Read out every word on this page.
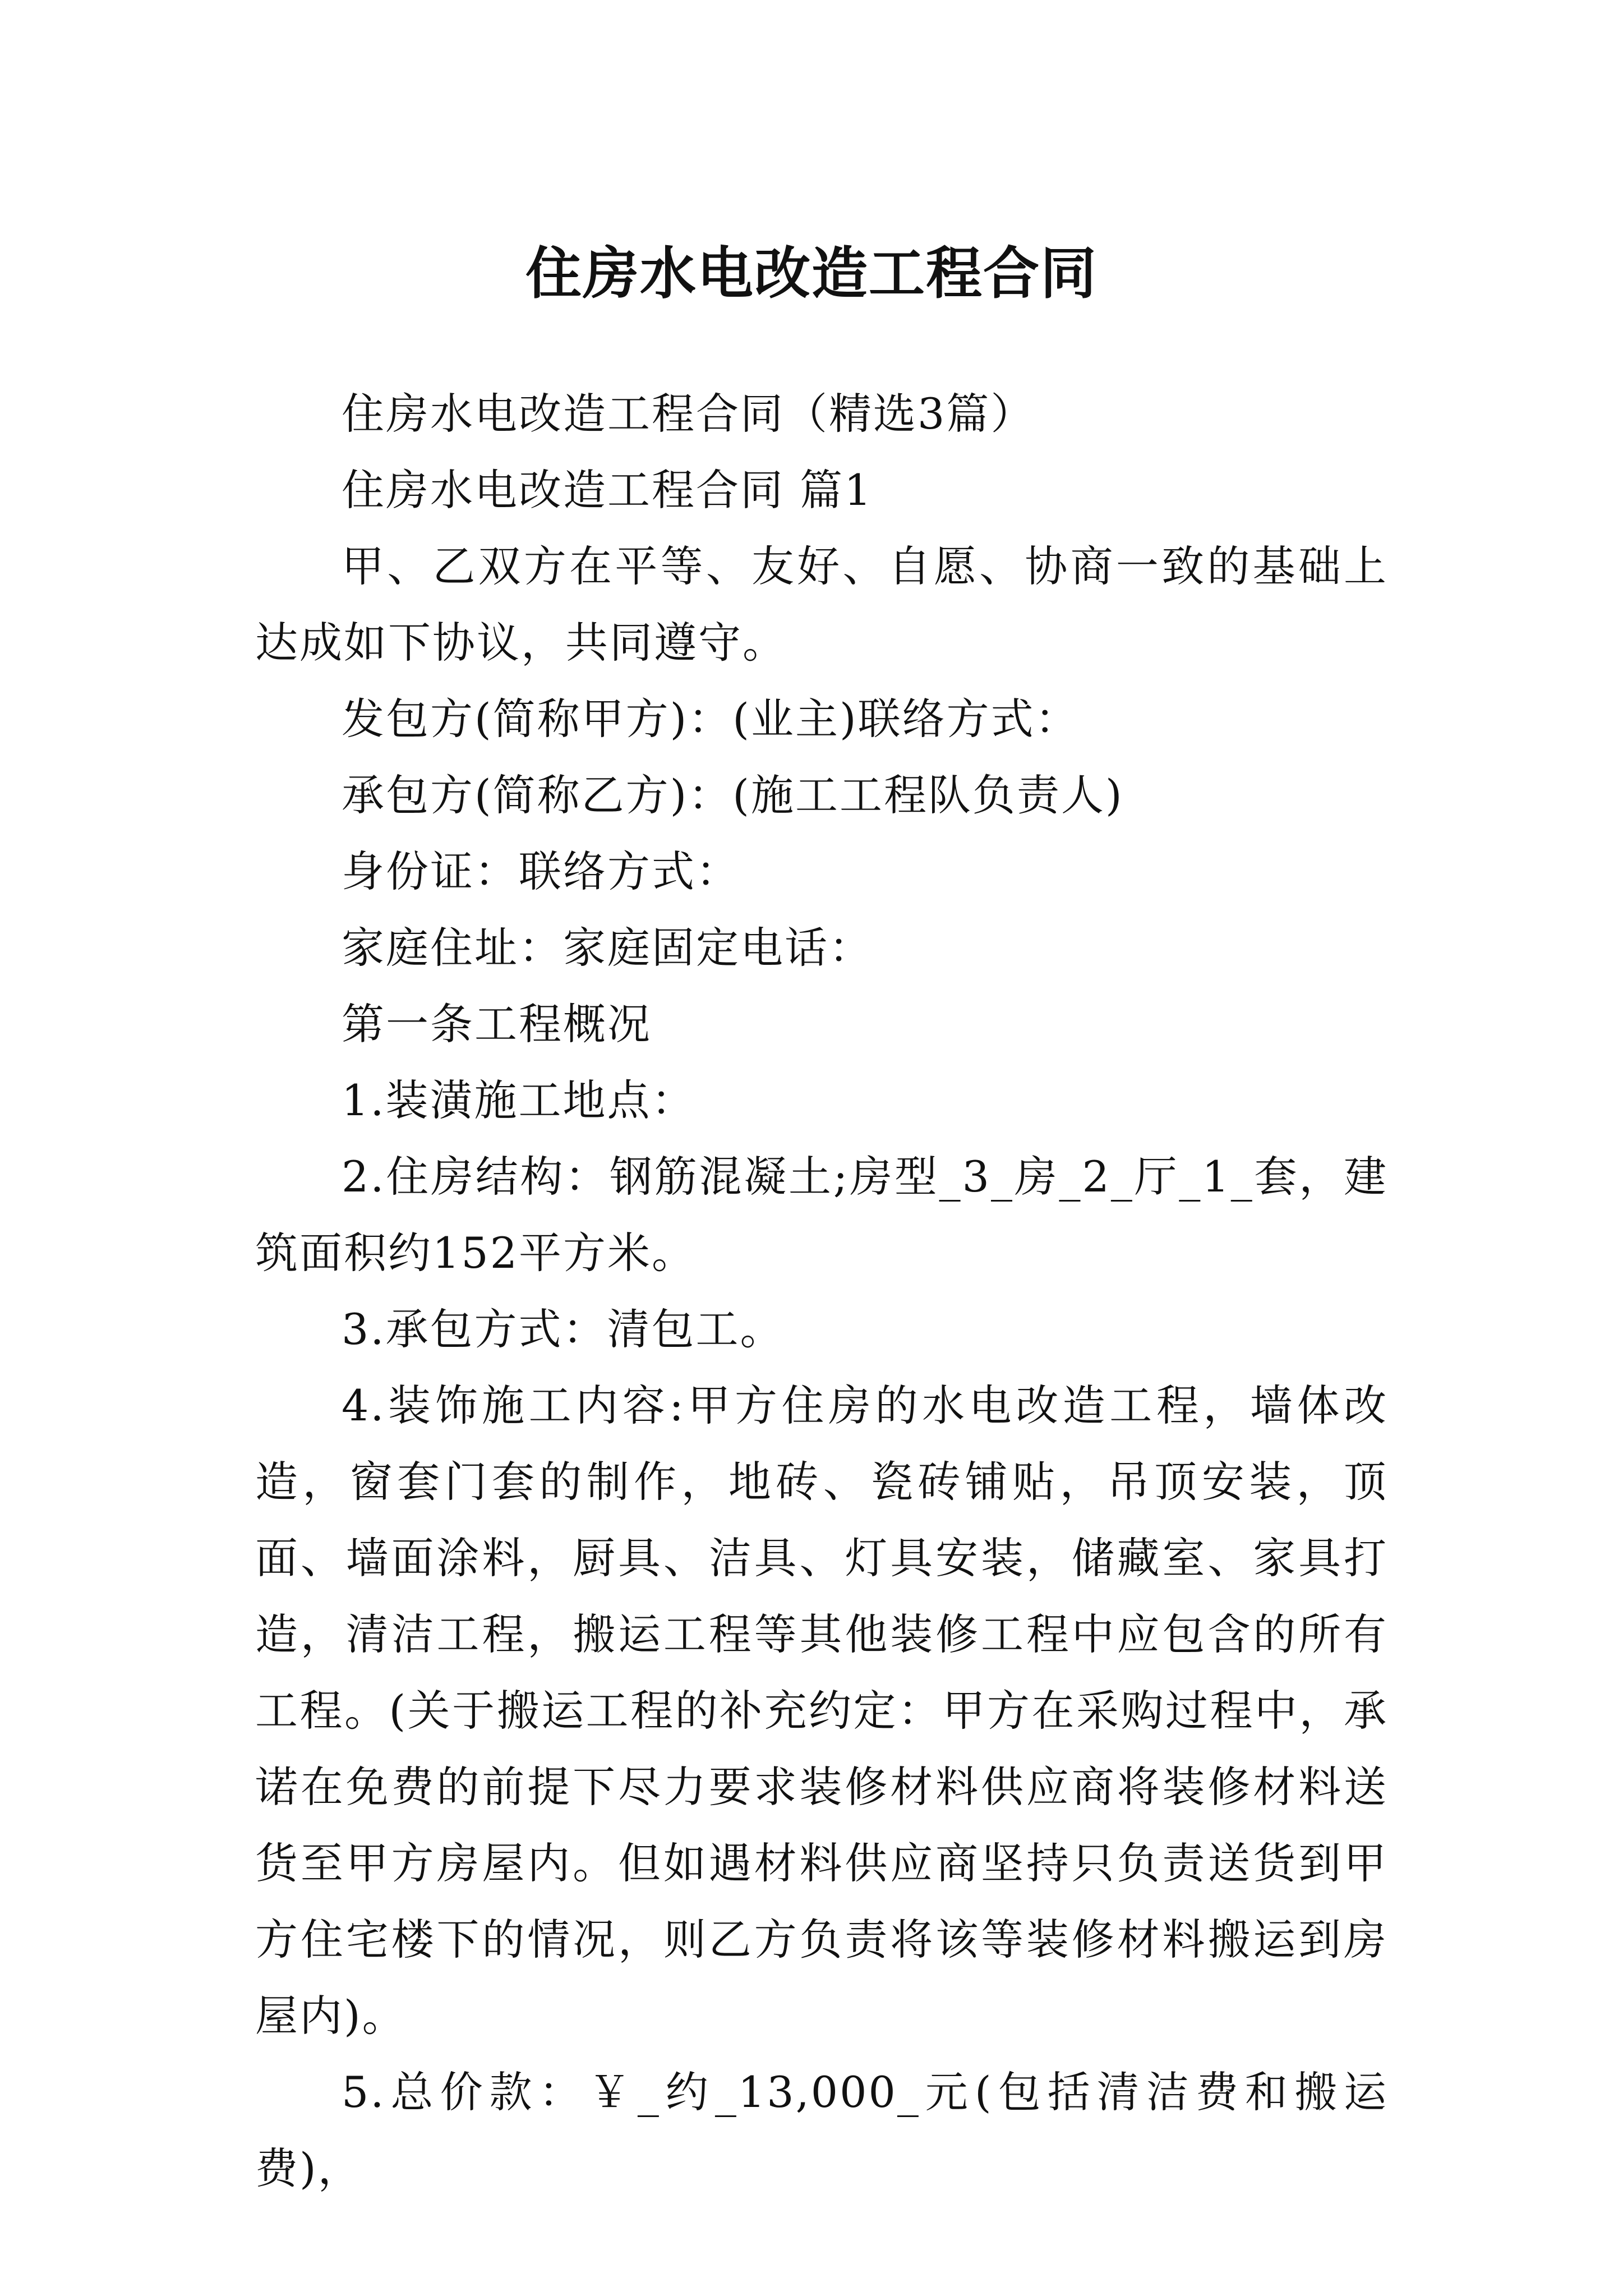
住房水电改造工程合同

住房水电改造工程合同（精选3篇）

住房水电改造工程合同 篇1

甲、乙双方在平等、友好、自愿、协商一致的基础上达成如下协议，共同遵守。

发包方(简称甲方)：(业主)联络方式：

承包方(简称乙方)：(施工工程队负责人)

身份证：联络方式：

家庭住址：家庭固定电话：

第一条工程概况

1.装潢施工地点：

2.住房结构：钢筋混凝土;房型_3_房_2_厅_1_套，建筑面积约152平方米。

3.承包方式：清包工。

4.装饰施工内容:甲方住房的水电改造工程，墙体改造，窗套门套的制作，地砖、瓷砖铺贴，吊顶安装，顶面、墙面涂料，厨具、洁具、灯具安装，储藏室、家具打造，清洁工程，搬运工程等其他装修工程中应包含的所有工程。(关于搬运工程的补充约定：甲方在采购过程中，承诺在免费的前提下尽力要求装修材料供应商将装修材料送货至甲方房屋内。但如遇材料供应商坚持只负责送货到甲方住宅楼下的情况，则乙方负责将该等装修材料搬运到房屋内)。

5.总价款：￥_约_13,000_元(包括清洁费和搬运费)，
